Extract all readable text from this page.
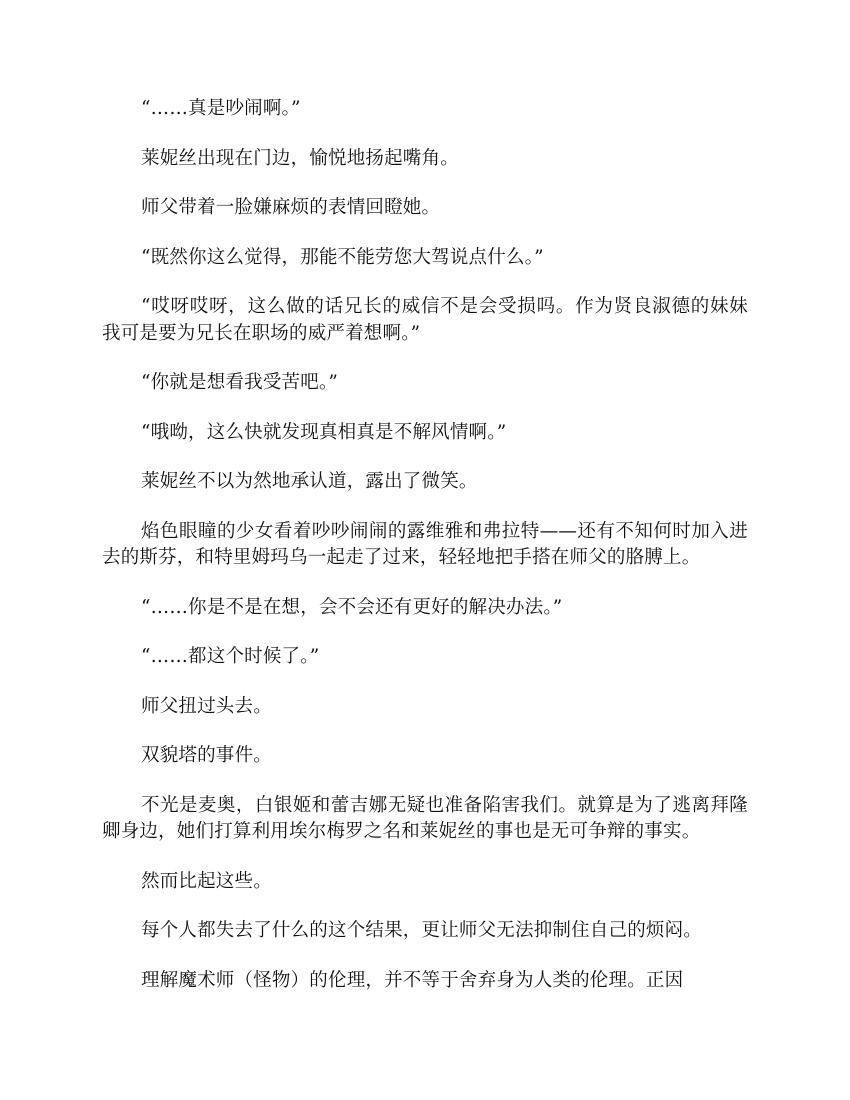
“……真是吵闹啊。”

莱妮丝出现在门边，愉悦地扬起嘴角。

师父带着一脸嫌麻烦的表情回瞪她。

“既然你这么觉得，那能不能劳您大驾说点什么。”

“哎呀哎呀，这么做的话兄长的威信不是会受损吗。作为贤良淑德的妹妹我可是要为兄长在职场的威严着想啊。”

“你就是想看我受苦吧。”

“哦呦，这么快就发现真相真是不解风情啊。”

莱妮丝不以为然地承认道，露出了微笑。

焰色眼瞳的少女看着吵吵闹闹的露维雅和弗拉特——还有不知何时加入进去的斯芬，和特里姆玛乌一起走了过来，轻轻地把手搭在师父的胳膊上。

“……你是不是在想，会不会还有更好的解决办法。”

“……都这个时候了。”

师父扭过头去。

双貌塔的事件。

不光是麦奥，白银姬和蕾吉娜无疑也准备陷害我们。就算是为了逃离拜隆卿身边，她们打算利用埃尔梅罗之名和莱妮丝的事也是无可争辩的事实。

然而比起这些。

每个人都失去了什么的这个结果，更让师父无法抑制住自己的烦闷。

理解魔术师（怪物）的伦理，并不等于舍弃身为人类的伦理。正因
